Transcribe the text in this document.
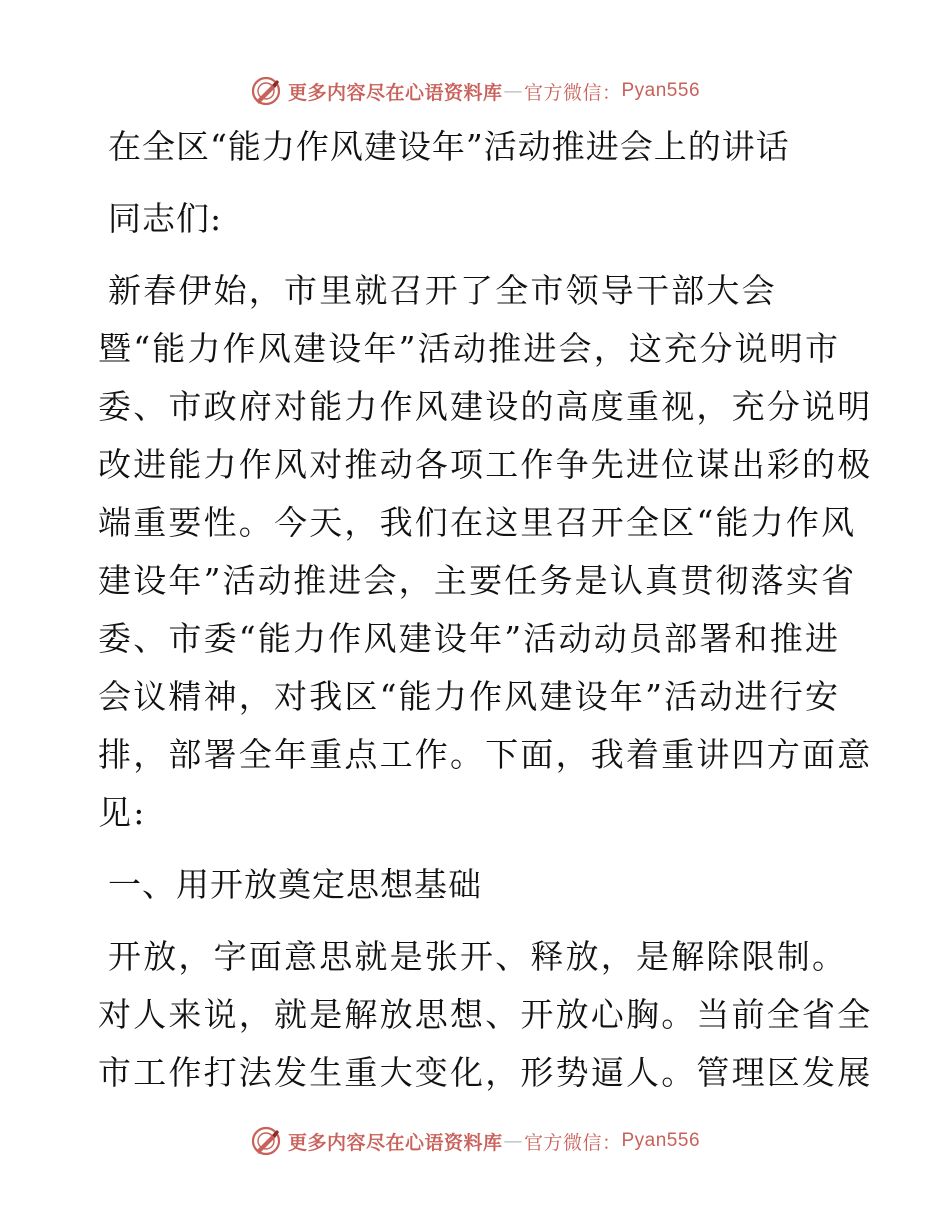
更多内容尽在心语资料库 — 官方微信： Pyan556
在全区“能力作风建设年”活动推进会上的讲话
同志们:
新春伊始，市里就召开了全市领导干部大会
暨“能力作风建设年”活动推进会，这充分说明市
委、市政府对能力作风建设的高度重视，充分说明
改进能力作风对推动各项工作争先进位谋出彩的极
端重要性。今天，我们在这里召开全区“能力作风
建设年”活动推进会，主要任务是认真贯彻落实省
委、市委“能力作风建设年”活动动员部署和推进
会议精神，对我区“能力作风建设年”活动进行安
排，部署全年重点工作。下面，我着重讲四方面意
见:
一、用开放奠定思想基础
开放，字面意思就是张开、释放，是解除限制。
对人来说，就是解放思想、开放心胸。当前全省全
市工作打法发生重大变化，形势逼人。管理区发展
更多内容尽在心语资料库 — 官方微信： Pyan556
